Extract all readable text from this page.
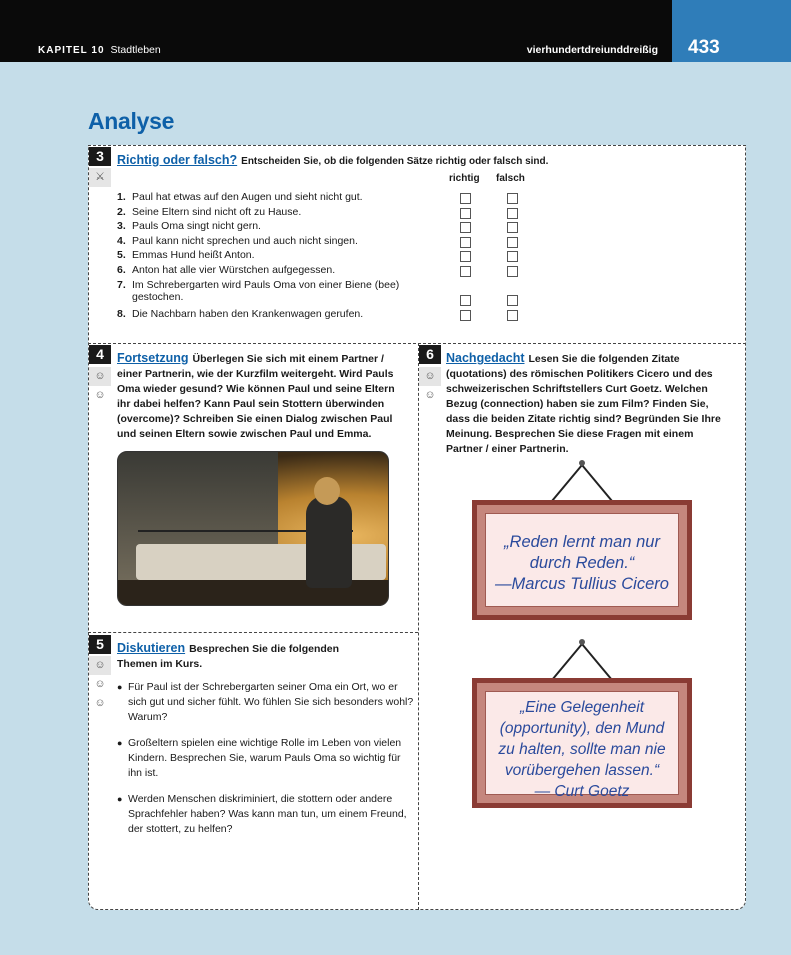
KAPITEL 10 Stadtleben	vierhundertdreiunddreißig 433
Analyse
3
⚔
Richtig oder falsch? Entscheiden Sie, ob die folgenden Sätze richtig oder falsch sind.
richtig falsch
1. Paul hat etwas auf den Augen und sieht nicht gut.
2. Seine Eltern sind nicht oft zu Hause.
3. Pauls Oma singt nicht gern.
4. Paul kann nicht sprechen und auch nicht singen.
5. Emmas Hund heißt Anton.
6. Anton hat alle vier Würstchen aufgegessen.
7. Im Schrebergarten wird Pauls Oma von einer Biene (bee) gestochen.
8. Die Nachbarn haben den Krankenwagen gerufen.
4
☺☺
Fortsetzung Überlegen Sie sich mit einem Partner / einer Partnerin, wie der Kurzfilm weitergeht. Wird Pauls Oma wieder gesund? Wie können Paul und seine Eltern ihr dabei helfen? Kann Paul sein Stottern überwinden (overcome)? Schreiben Sie einen Dialog zwischen Paul und seinen Eltern sowie zwischen Paul und Emma.
5
☺☺☺
Diskutieren Besprechen Sie die folgenden Themen im Kurs.
● Für Paul ist der Schrebergarten seiner Oma ein Ort, wo er sich gut und sicher fühlt. Wo fühlen Sie sich besonders wohl? Warum?
● Großeltern spielen eine wichtige Rolle im Leben von vielen Kindern. Besprechen Sie, warum Pauls Oma so wichtig für ihn ist.
● Werden Menschen diskriminiert, die stottern oder andere Sprachfehler haben? Was kann man tun, um einem Freund, der stottert, zu helfen?
6
☺☺
Nachgedacht Lesen Sie die folgenden Zitate (quotations) des römischen Politikers Cicero und des schweizerischen Schriftstellers Curt Goetz. Welchen Bezug (connection) haben sie zum Film? Finden Sie, dass die beiden Zitate richtig sind? Begründen Sie Ihre Meinung. Besprechen Sie diese Fragen mit einem Partner / einer Partnerin.
„Reden lernt man nur
durch Reden.“
—Marcus Tullius Cicero
„Eine Gelegenheit
(opportunity), den Mund
zu halten, sollte man nie
vorübergehen lassen.“
— Curt Goetz
